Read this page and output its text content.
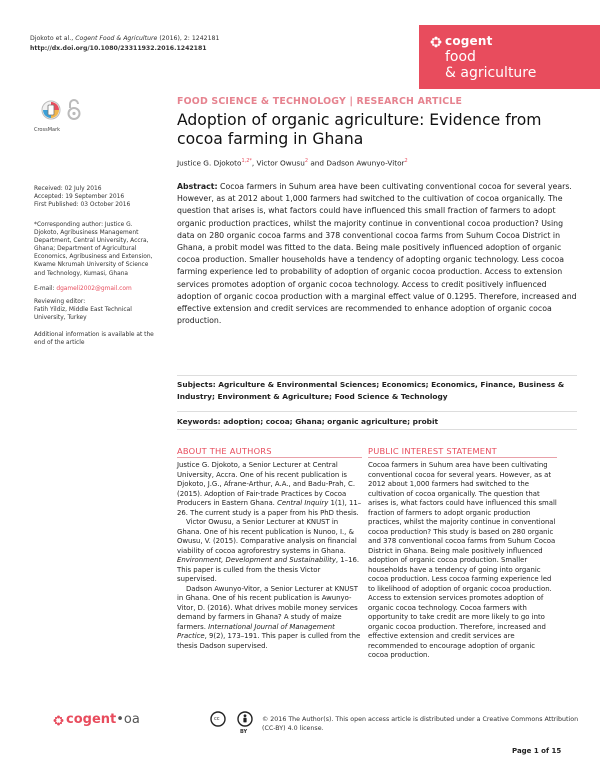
Djokoto et al., Cogent Food & Agriculture (2016), 2: 1242181
http://dx.doi.org/10.1080/23311932.2016.1242181
cogent
food
& agriculture
CrossMark
FOOD SCIENCE & TECHNOLOGY | RESEARCH ARTICLE
Adoption of organic agriculture: Evidence from cocoa farming in Ghana
Justice G. Djokoto$^{1,2*}$, Victor Owusu$^2$ and Dadson Awunyo-Vitor$^2$
Received: 02 July 2016
Accepted: 19 September 2016
First Published: 03 October 2016
*Corresponding author: Justice G. Djokoto, Agribusiness Management Department, Central University, Accra, Ghana; Department of Agricultural Economics, Agribusiness and Extension, Kwame Nkrumah University of Science and Technology, Kumasi, Ghana
E-mail: dgameli2002@gmail.com
Reviewing editor:
Fatih Yildiz, Middle East Technical University, Turkey
Additional information is available at the end of the article
Abstract: Cocoa farmers in Suhum area have been cultivating conventional cocoa for several years. However, as at 2012 about 1,000 farmers had switched to the cultivation of cocoa organically. The question that arises is, what factors could have influenced this small fraction of farmers to adopt organic production practices, whilst the majority continue in conventional cocoa production? Using data on 280 organic cocoa farms and 378 conventional cocoa farms from Suhum Cocoa District in Ghana, a probit model was fitted to the data. Being male positively influenced adoption of organic cocoa production. Smaller households have a tendency of adopting organic technology. Less cocoa farming experience led to probability of adoption of organic cocoa production. Access to extension services promotes adoption of organic cocoa technology. Access to credit positively influenced adoption of organic cocoa production with a marginal effect value of 0.1295. Therefore, increased and effective extension and credit services are recommended to enhance adoption of organic cocoa production.
Subjects: Agriculture & Environmental Sciences; Economics; Economics, Finance, Business & Industry; Environment & Agriculture; Food Science & Technology
Keywords: adoption; cocoa; Ghana; organic agriculture; probit
ABOUT THE AUTHORS

Justice G. Djokoto, a Senior Lecturer at Central University, Accra. One of his recent publication is Djokoto, J.G., Afrane-Arthur, A.A., and Badu-Prah, C. (2015). Adoption of Fair-trade Practices by Cocoa Producers in Eastern Ghana. Central Inquiry 1(1), 11–26. The current study is a paper from his PhD thesis.

Victor Owusu, a Senior Lecturer at KNUST in Ghana. One of his recent publication is Nunoo, I., & Owusu, V. (2015). Comparative analysis on financial viability of cocoa agroforestry systems in Ghana. Environment, Development and Sustainability, 1–16. This paper is culled from the thesis Victor supervised.

Dadson Awunyo-Vitor, a Senior Lecturer at KNUST in Ghana. One of his recent publication is Awunyo-Vitor, D. (2016). What drives mobile money services demand by farmers in Ghana? A study of maize farmers. International Journal of Management Practice, 9(2), 173–191. This paper is culled from the thesis Dadson supervised.

PUBLIC INTEREST STATEMENT
Cocoa farmers in Suhum area have been cultivating conventional cocoa for several years. However, as at 2012 about 1,000 farmers had switched to the cultivation of cocoa organically. The question that arises is, what factors could have influenced this small fraction of farmers to adopt organic production practices, whilst the majority continue in conventional cocoa production? This study is based on 280 organic and 378 conventional cocoa farms from Suhum Cocoa District in Ghana. Being male positively influenced adoption of organic cocoa production. Smaller households have a tendency of going into organic cocoa production. Less cocoa farming experience led to likelihood of adoption of organic cocoa production. Access to extension services promotes adoption of organic cocoa technology. Cocoa farmers with opportunity to take credit are more likely to go into organic cocoa production. Therefore, increased and effective extension and credit services are recommended to encourage adoption of organic cocoa production.
cogent•oa	cc
BY
© 2016 The Author(s). This open access article is distributed under a Creative Commons Attribution (CC-BY) 4.0 license.
Page 1 of 15
